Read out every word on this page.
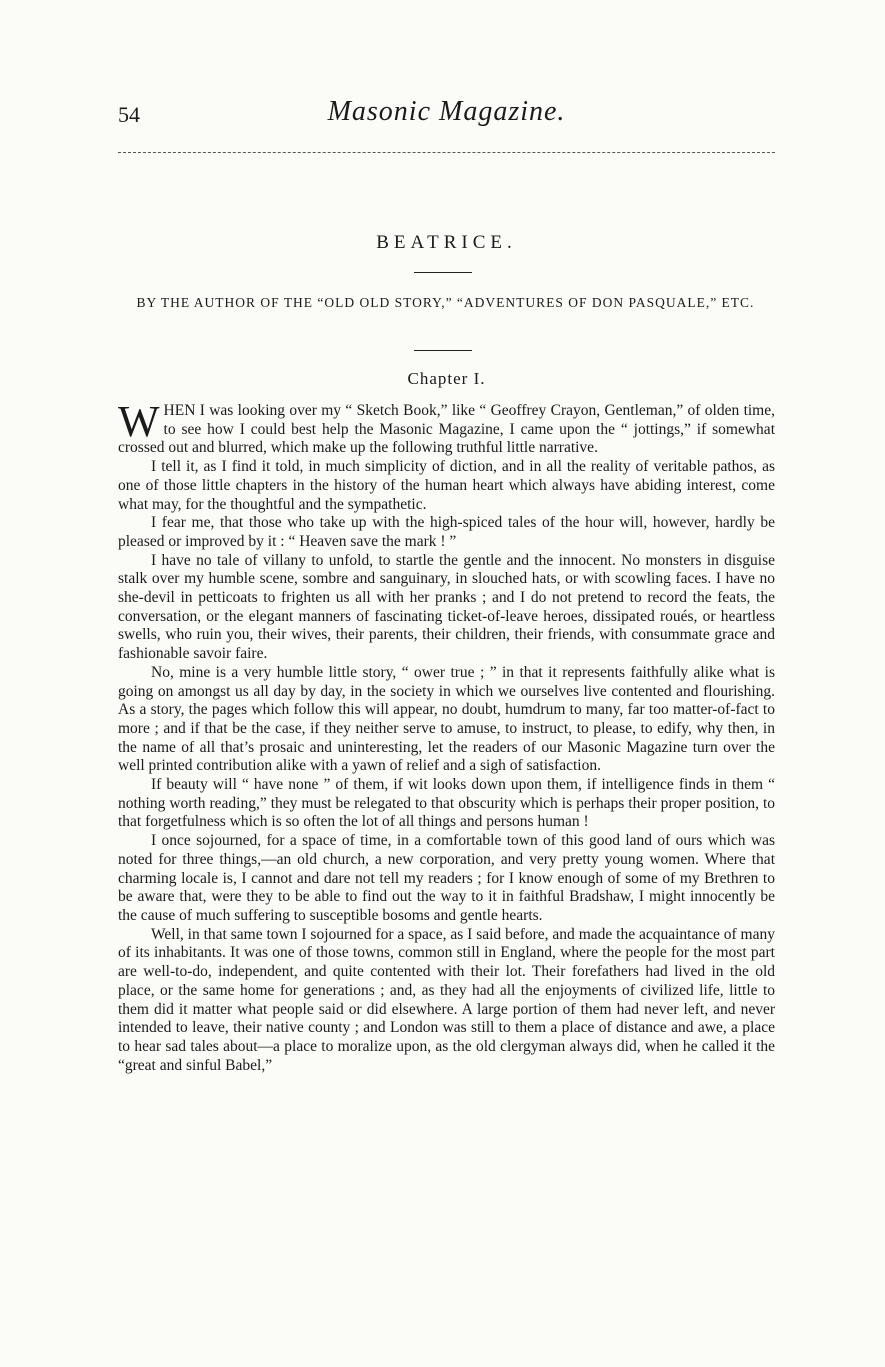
54	Masonic Magazine.
BEATRICE.
BY THE AUTHOR OF THE “OLD OLD STORY,” “ADVENTURES OF DON PASQUALE,” ETC.
Chapter I.

WHEN I was looking over my “ Sketch Book,” like “ Geoffrey Crayon, Gentleman,” of olden time, to see how I could best help the Masonic Magazine, I came upon the “ jottings,” if somewhat crossed out and blurred, which make up the following truthful little narrative.

I tell it, as I find it told, in much simplicity of diction, and in all the reality of veritable pathos, as one of those little chapters in the history of the human heart which always have abiding interest, come what may, for the thoughtful and the sympathetic.

I fear me, that those who take up with the high-spiced tales of the hour will, however, hardly be pleased or improved by it : “ Heaven save the mark ! ”

I have no tale of villany to unfold, to startle the gentle and the innocent. No monsters in disguise stalk over my humble scene, sombre and sanguinary, in slouched hats, or with scowling faces. I have no she-devil in petticoats to frighten us all with her pranks ; and I do not pretend to record the feats, the conversation, or the elegant manners of fascinating ticket-of-leave heroes, dissipated roués, or heartless swells, who ruin you, their wives, their parents, their children, their friends, with consummate grace and fashionable savoir faire.

No, mine is a very humble little story, “ ower true ; ” in that it represents faithfully alike what is going on amongst us all day by day, in the society in which we ourselves live contented and flourishing. As a story, the pages which follow this will appear, no doubt, humdrum to many, far too matter-of-fact to more ; and if that be the case, if they neither serve to amuse, to instruct, to please, to edify, why then, in the name of all that’s prosaic and uninteresting, let the readers of our Masonic Magazine turn over the well printed contribution alike with a yawn of relief and a sigh of satisfaction.

If beauty will “ have none ” of them, if wit looks down upon them, if intelligence finds in them “ nothing worth reading,” they must be relegated to that obscurity which is perhaps their proper position, to that forgetfulness which is so often the lot of all things and persons human !

I once sojourned, for a space of time, in a comfortable town of this good land of ours which was noted for three things,—an old church, a new corporation, and very pretty young women. Where that charming locale is, I cannot and dare not tell my readers ; for I know enough of some of my Brethren to be aware that, were they to be able to find out the way to it in faithful Bradshaw, I might innocently be the cause of much suffering to susceptible bosoms and gentle hearts.

Well, in that same town I sojourned for a space, as I said before, and made the acquaintance of many of its inhabitants. It was one of those towns, common still in England, where the people for the most part are well-to-do, independent, and quite contented with their lot. Their forefathers had lived in the old place, or the same home for generations ; and, as they had all the enjoyments of civilized life, little to them did it matter what people said or did elsewhere. A large portion of them had never left, and never intended to leave, their native county ; and London was still to them a place of distance and awe, a place to hear sad tales about—a place to moralize upon, as the old clergyman always did, when he called it the “great and sinful Babel,”
